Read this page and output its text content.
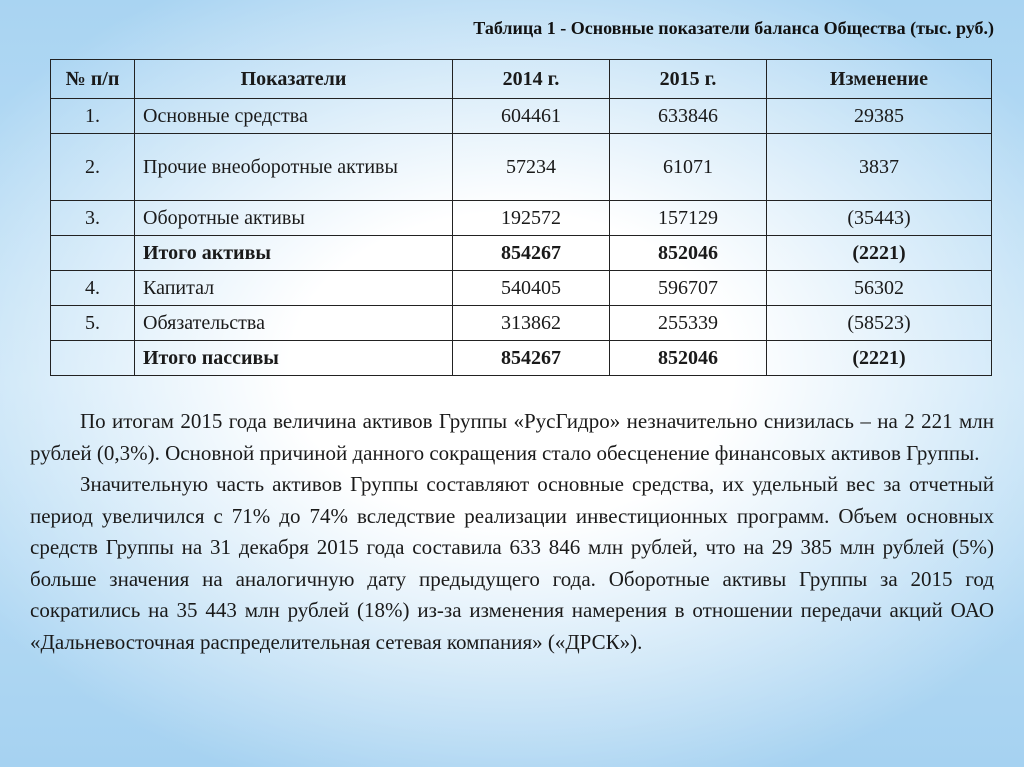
Таблица 1 - Основные показатели баланса Общества (тыс. руб.)
№ п/п	Показатели	2014 г.	2015 г.	Изменение
1.	Основные средства	604461	633846	29385
2.	Прочие внеоборотные активы	57234	61071	3837
3.	Оборотные активы	192572	157129	(35443)
	Итого активы	854267	852046	(2221)
4.	Капитал	540405	596707	56302
5.	Обязательства	313862	255339	(58523)
	Итого пассивы	854267	852046	(2221)

По итогам 2015 года величина активов Группы «РусГидро» незначительно снизилась – на 2 221 млн рублей (0,3%). Основной причиной данного сокращения стало обесценение финансовых активов Группы.

Значительную часть активов Группы составляют основные средства, их удельный вес за отчетный период увеличился с 71% до 74% вследствие реализации инвестиционных программ. Объем основных средств Группы на 31 декабря 2015 года составила 633 846 млн рублей, что на 29 385 млн рублей (5%) больше значения на аналогичную дату предыдущего года. Оборотные активы Группы за 2015 год сократились на 35 443 млн рублей (18%) из-за изменения намерения в отношении передачи акций ОАО «Дальневосточная распределительная сетевая компания» («ДРСК»).
